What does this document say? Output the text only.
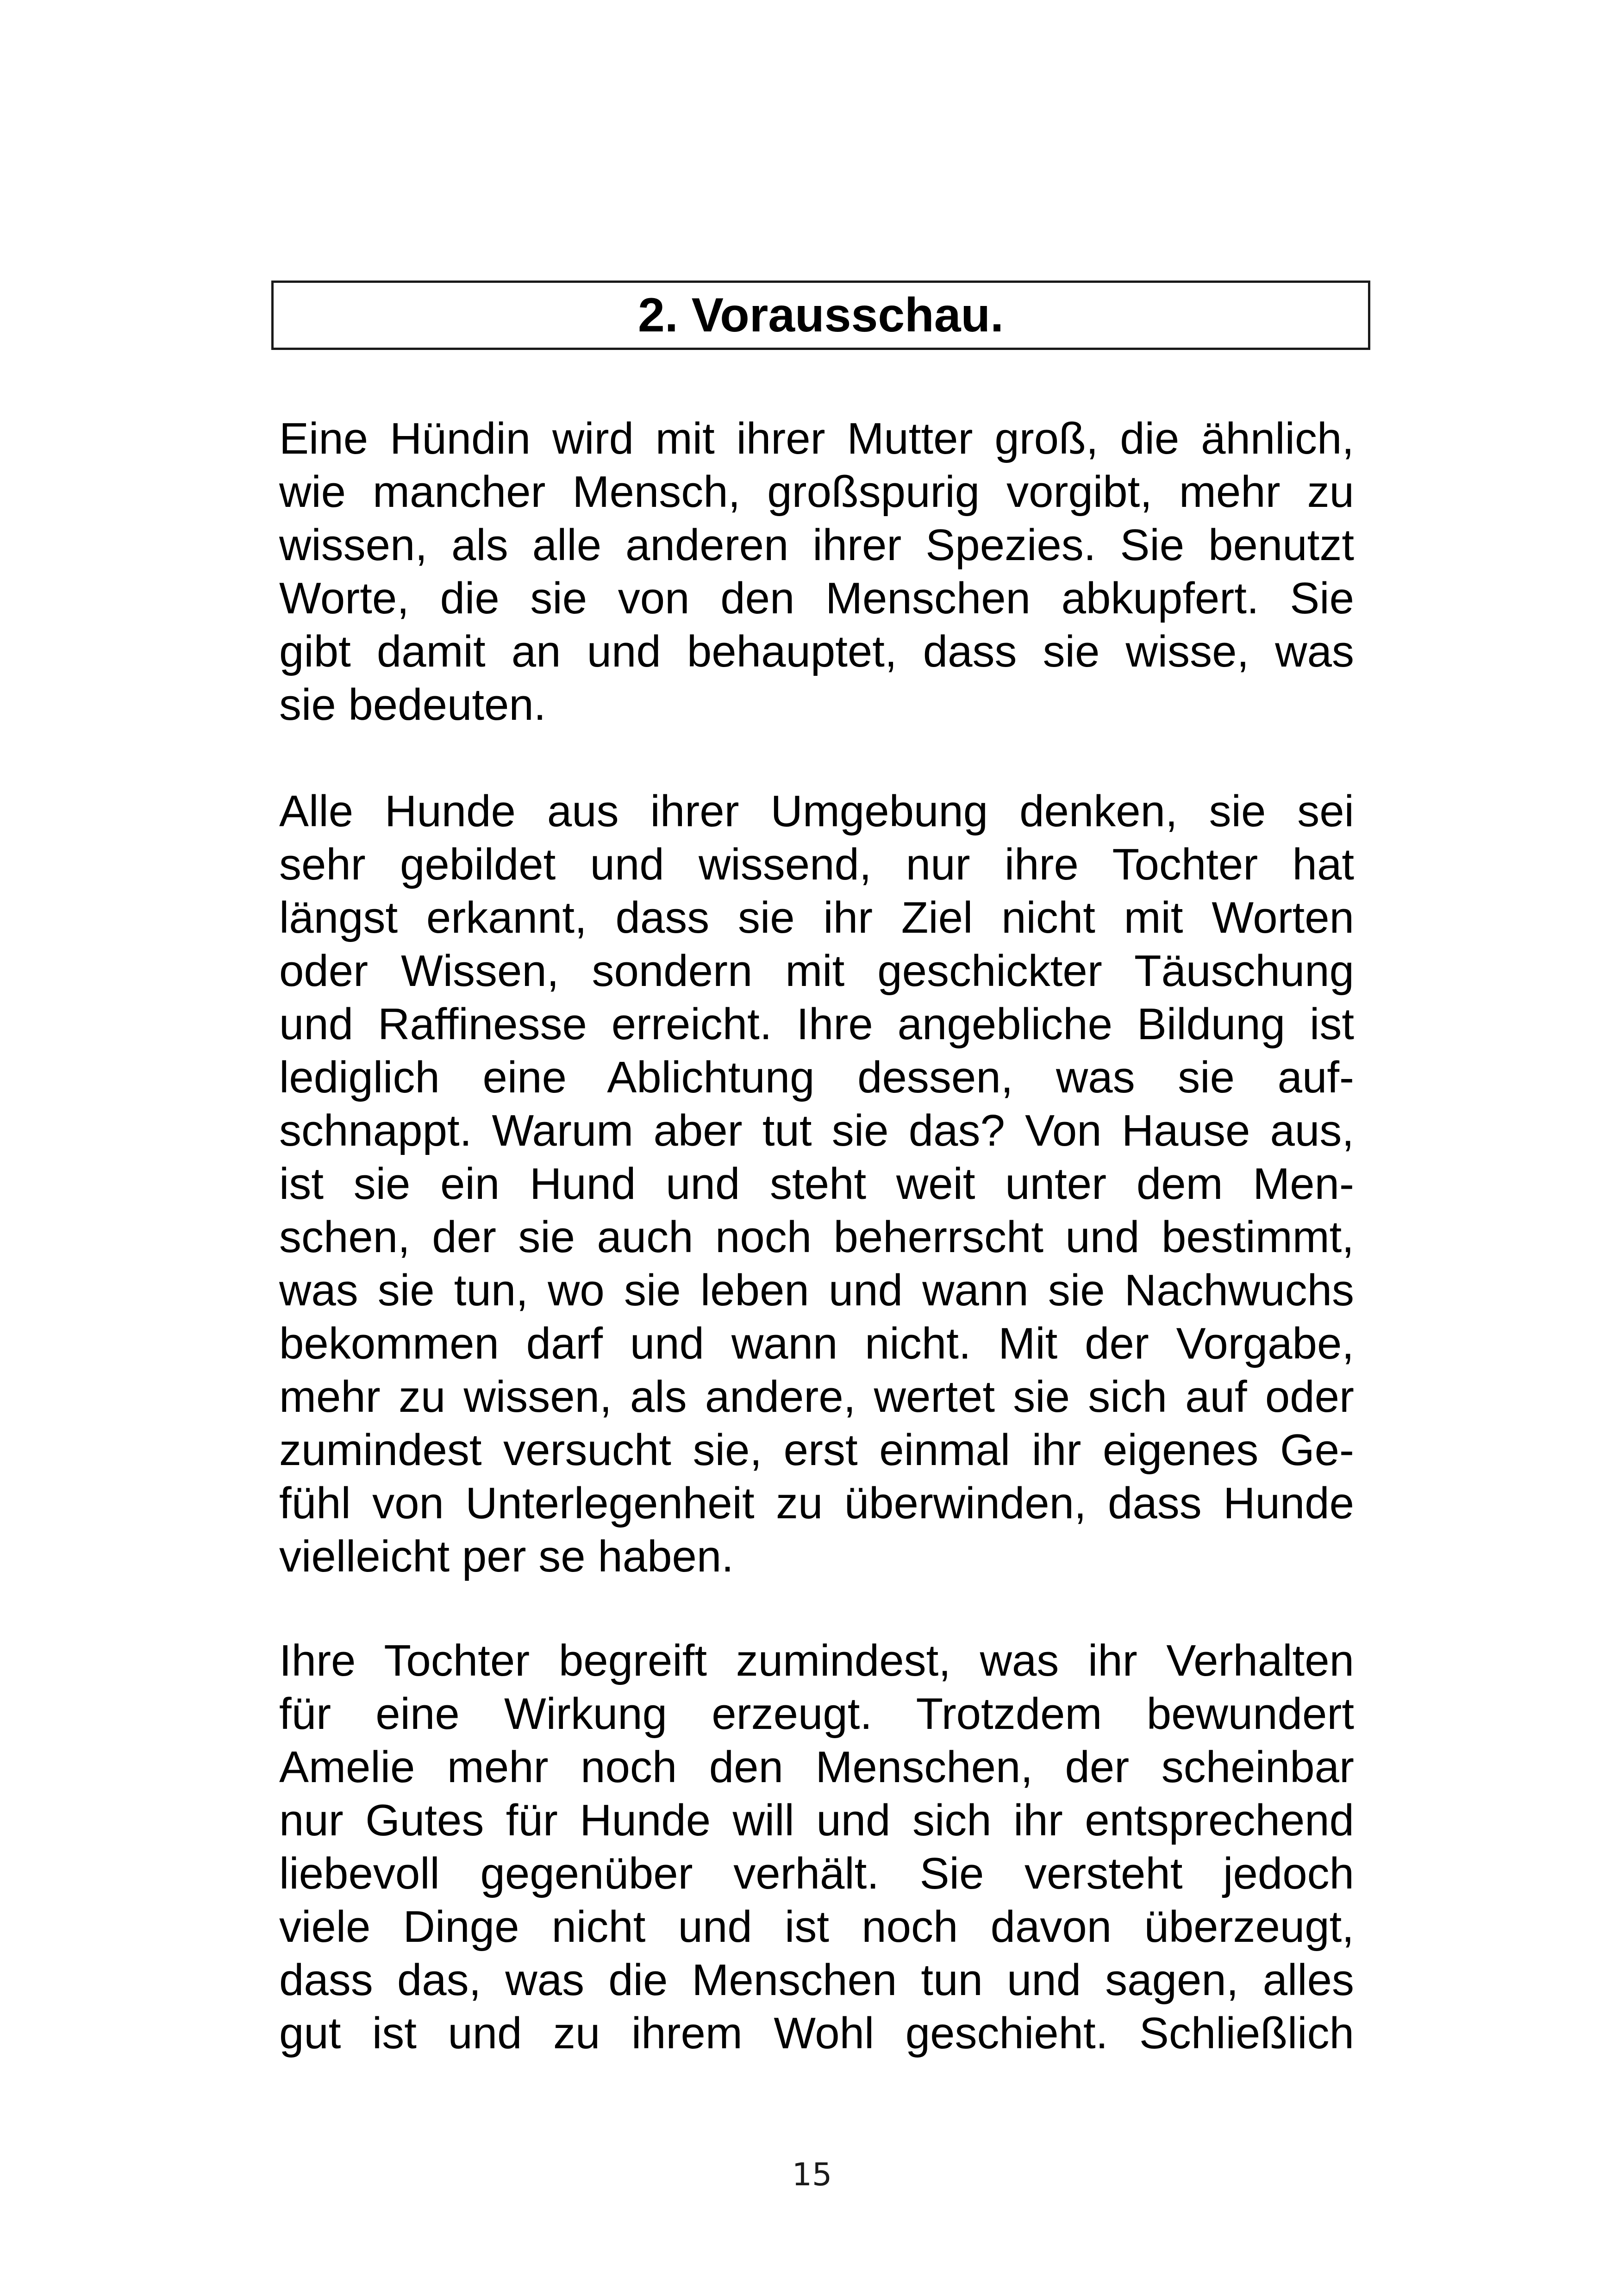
2. Vorausschau.
Eine Hündin wird mit ihrer Mutter groß, die ähnlich,
wie mancher Mensch, großspurig vorgibt, mehr zu
wissen, als alle anderen ihrer Spezies. Sie benutzt
Worte, die sie von den Menschen abkupfert. Sie
gibt damit an und behauptet, dass sie wisse, was
sie bedeuten.
Alle Hunde aus ihrer Umgebung denken, sie sei
sehr gebildet und wissend, nur ihre Tochter hat
längst erkannt, dass sie ihr Ziel nicht mit Worten
oder Wissen, sondern mit geschickter Täuschung
und Raffinesse erreicht. Ihre angebliche Bildung ist
lediglich eine Ablichtung dessen, was sie auf-
schnappt. Warum aber tut sie das? Von Hause aus,
ist sie ein Hund und steht weit unter dem Men-
schen, der sie auch noch beherrscht und bestimmt,
was sie tun, wo sie leben und wann sie Nachwuchs
bekommen darf und wann nicht. Mit der Vorgabe,
mehr zu wissen, als andere, wertet sie sich auf oder
zumindest versucht sie, erst einmal ihr eigenes Ge-
fühl von Unterlegenheit zu überwinden, dass Hunde
vielleicht per se haben.
Ihre Tochter begreift zumindest, was ihr Verhalten
für eine Wirkung erzeugt. Trotzdem bewundert
Amelie mehr noch den Menschen, der scheinbar
nur Gutes für Hunde will und sich ihr entsprechend
liebevoll gegenüber verhält. Sie versteht jedoch
viele Dinge nicht und ist noch davon überzeugt,
dass das, was die Menschen tun und sagen, alles
gut ist und zu ihrem Wohl geschieht. Schließlich
15
